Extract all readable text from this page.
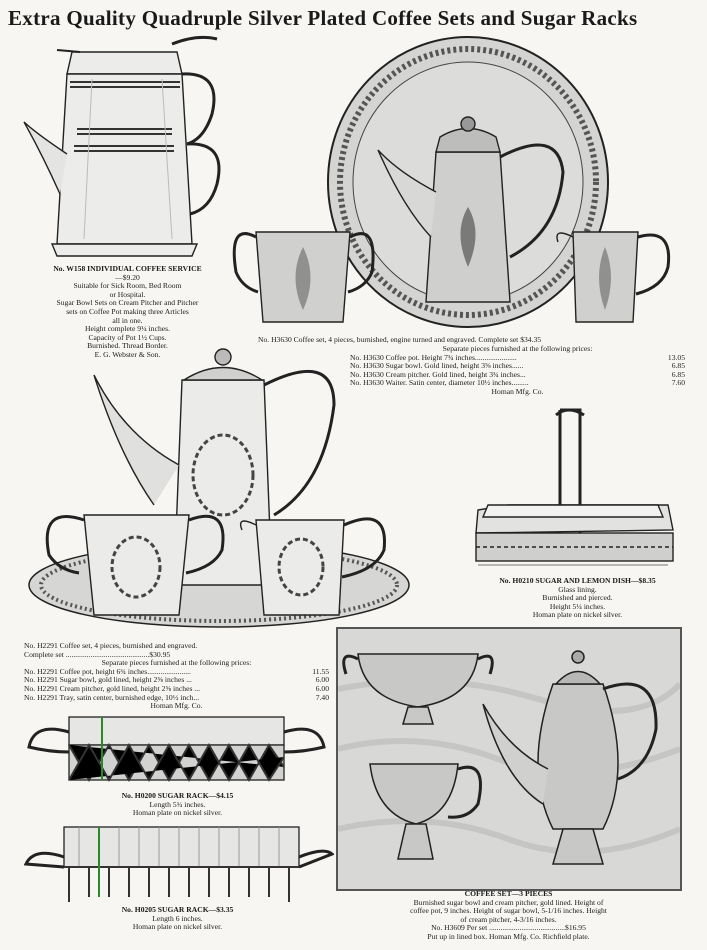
Extra Quality Quadruple Silver Plated Coffee Sets and Sugar Racks
No. W158 INDIVIDUAL COFFEE SERVICE
—$9.20
Suitable for Sick Room, Bed Room
or Hospital.
Sugar Bowl Sets on Cream Pitcher and Pitcher
sets on Coffee Pot making three Articles
all in one.
Height complete 9¼ inches.
Capacity of Pot 1½ Cups.
Burnished. Thread Border.
E. G. Webster & Son.
No. H3630 Coffee set, 4 pieces, burnished, engine turned and engraved. Complete set $34.35
Separate pieces furnished at the following prices:
No. H3630 Coffee pot. Height 7¾ inches......................	13.05
No. H3630 Sugar bowl. Gold lined, height 3⅝ inches......	6.85
No. H3630 Cream pitcher. Gold lined, height 3¾ inches...	6.85
No. H3630 Waiter. Satin center, diameter 10½ inches.........	7.60
Homan Mfg. Co.
No. H2291 Coffee set, 4 pieces, burnished and engraved.
Complete set ............................................$30.95
Separate pieces furnished at the following prices:
No. H2291 Coffee pot, height 6¾ inches.......................	11.55
No. H2291 Sugar bowl, gold lined, height 2⅝ inches ...	6.00
No. H2291 Cream pitcher, gold lined, height 2⅝ inches ...	6.00
No. H2291 Tray, satin center, burnished edge, 10½ inch...	7.40
Homan Mfg. Co.
No. H0210 SUGAR AND LEMON DISH—$8.35
Glass lining.
Burnished and pierced.
Height 5¼ inches.
Homan plate on nickel silver.
No. H0200 SUGAR RACK—$4.15
Length 5¾ inches.
Homan plate on nickel silver.
No. H0205 SUGAR RACK—$3.35
Length 6 inches.
Homan plate on nickel silver.
COFFEE SET—3 PIECES
Burnished sugar bowl and cream pitcher, gold lined. Height of
coffee pot, 9 inches. Height of sugar bowl, 5-1/16 inches. Height
of cream pitcher, 4-3/16 inches.
No. H3609 Per set ........................................$16.95
Put up in lined box. Homan Mfg. Co. Richfield plate.
